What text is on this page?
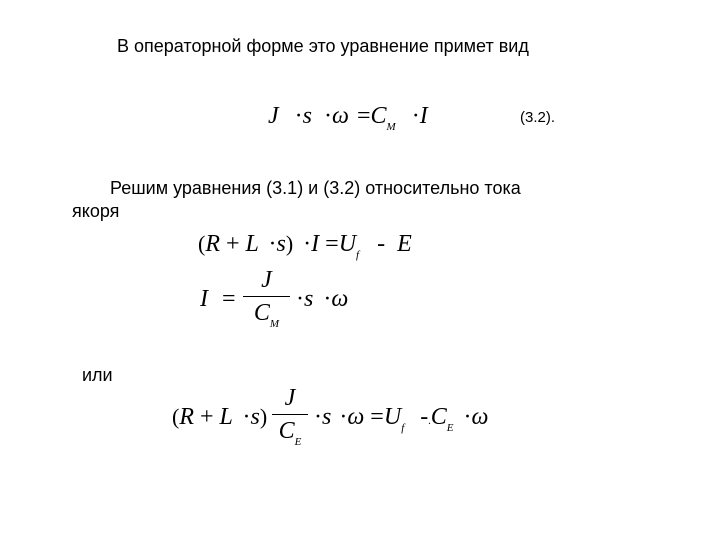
В операторной форме это уравнение примет вид
$J \cdot s \cdot\omega =C_M \cdot I$	(3.2).
Решим уравнения (3.1) и (3.2) относительно тока
якоря
$(R + L \cdot s) \cdot I =U_f - E$
I =
J
$C_M$
·s ·ω
или
(R + L ·s)
J
$C_E$
$\cdot s \cdot\omega =U_f$ $-.C_E \cdot\omega$
